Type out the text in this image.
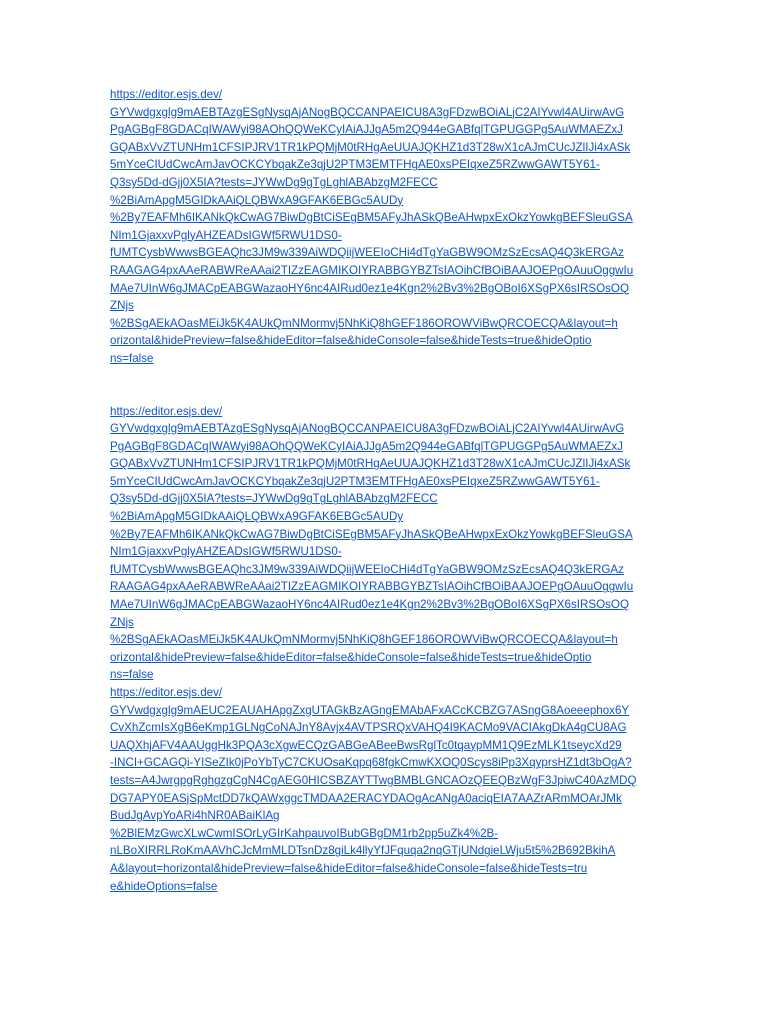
https://editor.esjs.dev/
GYVwdgxglg9mAEBTAzgESgNysqAjANogBQCCANPAEICU8A3gFDzwBOiALjC2AIYvwl4AUirwAvG
PgAGBgF8GDACqIWAWyi98AOhQQWeKCyIAiAJJgA5m2Q944eGABfqlTGPUGGPg5AuWMAEZxJ
GQABxVvZTUNHm1CFSIPJRV1TR1kPQMjM0tRHgAeUUAJQKHZ1d3T28wX1cAJmCUcJZlIJi4xASk
5mYceCIUdCwcAmJavOCKCYbqakZe3qjU2PTM3EMTFHgAE0xsPEIqxeZ5RZwwGAWT5Y61-
Q3sy5Dd-dGjj0X5IA?tests=JYWwDg9gTgLghlABAbzgM2FECC
%2BiAmApgM5GIDkAAiQLQBWxA9GFAK6EBGc5AUDy
%2By7EAFMh6IKANkQkCwAG7BiwDgBtCiSEgBM5AFyJhASkQBeAHwpxExOkzYowkgBEFSleuGSA
NIm1GjaxxvPglyAHZEADsIGWf5RWU1DS0-
fUMTCysbWwwsBGEAQhc3JM9w339AiWDQiijWEEIoCHi4dTgYaGBW9OMzSzEcsAQ4Q3kERGAz
RAAGAG4pxAAeRABWReAAai2TIZzEAGMIKOIYRABBGYBZTsIAOihCfBOiBAAJOEPgOAuuOggwIu
MAe7UInW6gJMACpEABGWazaoHY6nc4AIRud0ez1e4Kgn2%2Bv3%2BgOBoI6XSgPX6sIRSOsOQ
ZNjs
%2BSgAEkAOasMEiJk5K4AUkQmNMormvj5NhKiQ8hGEF186OROWViBwQRCOECQA&layout=h
orizontal&hidePreview=false&hideEditor=false&hideConsole=false&hideTests=true&hideOptio
ns=false
https://editor.esjs.dev/
GYVwdgxglg9mAEBTAzgESgNysqAjANogBQCCANPAEICU8A3gFDzwBOiALjC2AIYvwl4AUirwAvG
PgAGBgF8GDACqIWAWyi98AOhQQWeKCyIAiAJJgA5m2Q944eGABfqlTGPUGGPg5AuWMAEZxJ
GQABxVvZTUNHm1CFSIPJRV1TR1kPQMjM0tRHgAeUUAJQKHZ1d3T28wX1cAJmCUcJZlIJi4xASk
5mYceCIUdCwcAmJavOCKCYbqakZe3qjU2PTM3EMTFHgAE0xsPEIqxeZ5RZwwGAWT5Y61-
Q3sy5Dd-dGjj0X5IA?tests=JYWwDg9gTgLghlABAbzgM2FECC
%2BiAmApgM5GIDkAAiQLQBWxA9GFAK6EBGc5AUDy
%2By7EAFMh6IKANkQkCwAG7BiwDgBtCiSEgBM5AFyJhASkQBeAHwpxExOkzYowkgBEFSleuGSA
NIm1GjaxxvPglyAHZEADsIGWf5RWU1DS0-
fUMTCysbWwwsBGEAQhc3JM9w339AiWDQiijWEEIoCHi4dTgYaGBW9OMzSzEcsAQ4Q3kERGAz
RAAGAG4pxAAeRABWReAAai2TIZzEAGMIKOIYRABBGYBZTsIAOihCfBOiBAAJOEPgOAuuOggwIu
MAe7UInW6gJMACpEABGWazaoHY6nc4AIRud0ez1e4Kgn2%2Bv3%2BgOBoI6XSgPX6sIRSOsOQ
ZNjs
%2BSgAEkAOasMEiJk5K4AUkQmNMormvj5NhKiQ8hGEF186OROWViBwQRCOECQA&layout=h
orizontal&hidePreview=false&hideEditor=false&hideConsole=false&hideTests=true&hideOptio
ns=false
https://editor.esjs.dev/
GYVwdgxglg9mAEUC2EAUAHApgZxgUTAGkBzAGngEMAbAFxACcKCBZG7ASngG8Aoeeephox6Y
CvXhZcmIsXgB6eKmp1GLNgCoNAJnY8Avjx4AVTPSRQxVAHQ4I9KACMo9VACIAkgDkA4gCU8AG
UAQXhjAFV4AAUggHk3PQA3cXgwECQzGABGeABeeBwsRglTc0tqaypMM1Q9EzMLK1tseycXd29
-INCI+GCAGQi-YISeZIk0jPoYbTyC7CKUOsaKqpq68fgkCmwKXOQ0Scys8iPp3XqyprsHZ1dt3bOgA?
tests=A4JwrgpgRghgzgCgN4CgAEG0HICSBZAYTTwgBMBLGNCAOzQEEQBzWgF3JpiwC40AzMDQ
DG7APY0EASjSpMctDD7kQAWxggcTMDAA2ERACYDAOgAcANgA0aciqEIA7AAZrARmMOArJMk
BudJgAvpYoARi4hNR0ABaiKlAg
%2BlEMzGwcXLwCwmISOrLyGIrKahpauvoIBubGBgDM1rb2pp5uZk4%2B-
nLBoXIRRLRoKmAAVhCJcMmMLDTsnDz8giLk4llyYfJFquqa2nqGTjUNdgieLWju5t5%2B692BkihA
A&layout=horizontal&hidePreview=false&hideEditor=false&hideConsole=false&hideTests=tru
e&hideOptions=false
